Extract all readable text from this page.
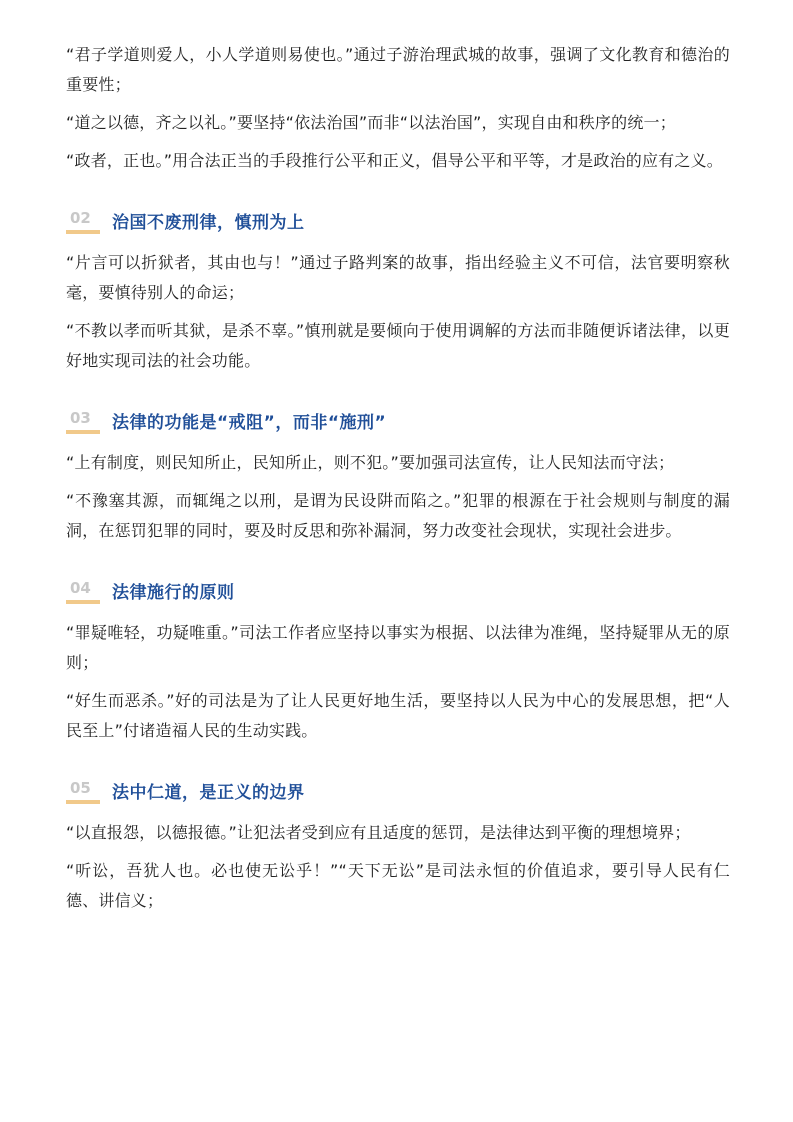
“君子学道则爱人，小人学道则易使也。”通过子游治理武城的故事，强调了文化教育和德治的重要性；

“道之以德，齐之以礼。”要坚持“依法治国”而非“以法治国”，实现自由和秩序的统一；

“政者，正也。”用合法正当的手段推行公平和正义，倡导公平和平等，才是政治的应有之义。

02	治国不废刑律，慎刑为上

“片言可以折狱者，其由也与！”通过子路判案的故事，指出经验主义不可信，法官要明察秋毫，要慎待别人的命运；

“不教以孝而听其狱，是杀不辜。”慎刑就是要倾向于使用调解的方法而非随便诉诸法律，以更好地实现司法的社会功能。

03	法律的功能是“戒阻”，而非“施刑”

“上有制度，则民知所止，民知所止，则不犯。”要加强司法宣传，让人民知法而守法；

“不豫塞其源，而辄绳之以刑，是谓为民设阱而陷之。”犯罪的根源在于社会规则与制度的漏洞，在惩罚犯罪的同时，要及时反思和弥补漏洞，努力改变社会现状，实现社会进步。

04	法律施行的原则

“罪疑唯轻，功疑唯重。”司法工作者应坚持以事实为根据、以法律为准绳，坚持疑罪从无的原则；

“好生而恶杀。”好的司法是为了让人民更好地生活，要坚持以人民为中心的发展思想，把“人民至上”付诸造福人民的生动实践。

05	法中仁道，是正义的边界

“以直报怨，以德报德。”让犯法者受到应有且适度的惩罚，是法律达到平衡的理想境界；

“听讼，吾犹人也。必也使无讼乎！”“天下无讼”是司法永恒的价值追求，要引导人民有仁德、讲信义；
